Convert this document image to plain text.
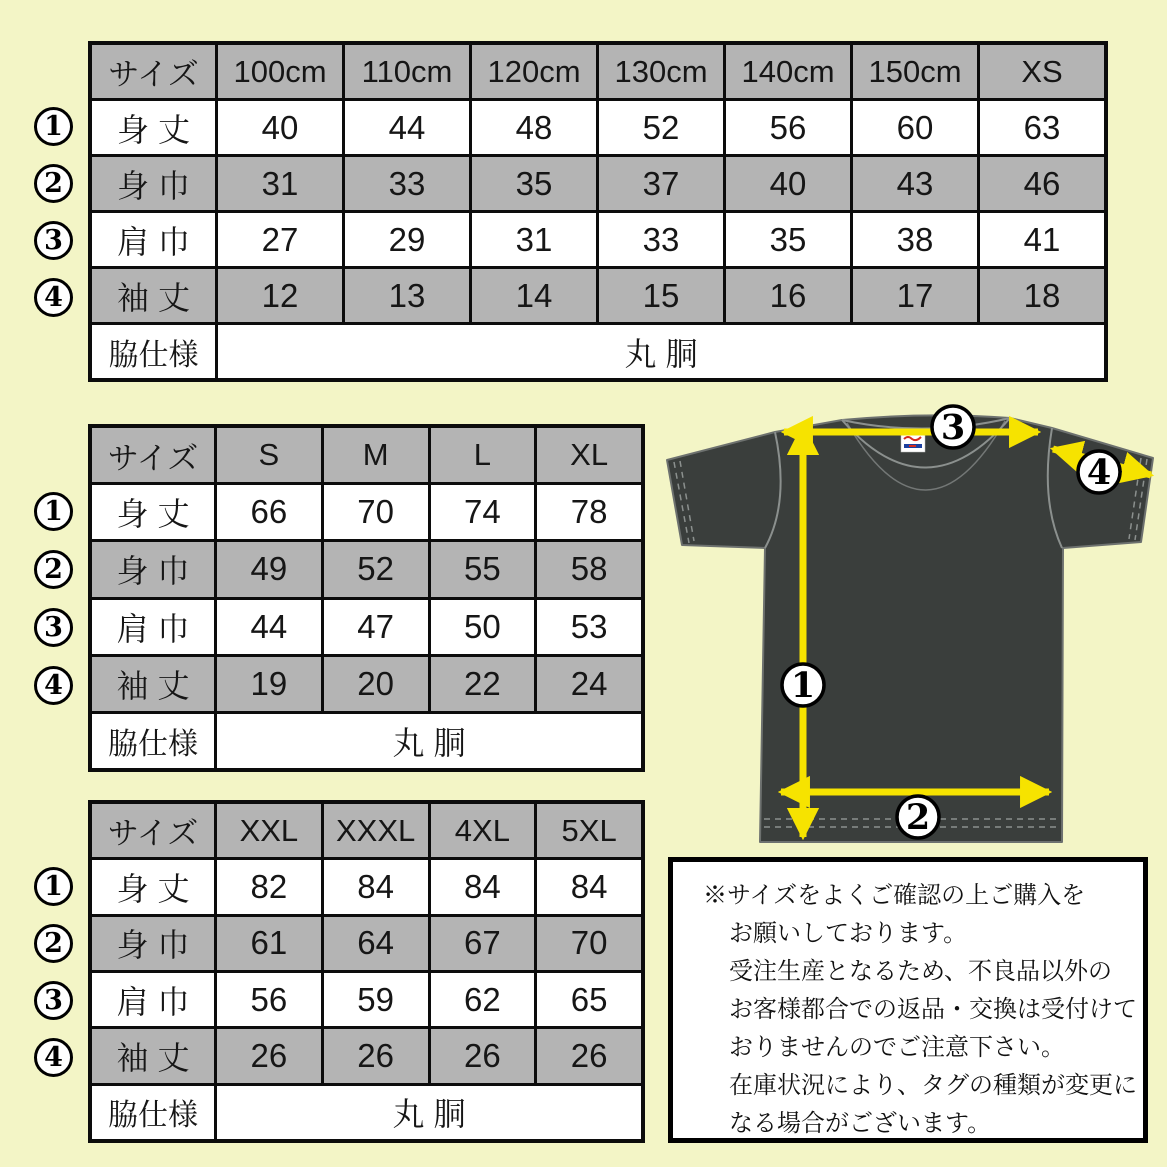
サイズ	100cm	110cm	120cm	130cm	140cm	150cm	XS
身 丈	40	44	48	52	56	60	63
身 巾	31	33	35	37	40	43	46
肩 巾	27	29	31	33	35	38	41
袖 丈	12	13	14	15	16	17	18
脇仕様	丸 胴
サイズ	S	M	L	XL
身 丈	66	70	74	78
身 巾	49	52	55	58
肩 巾	44	47	50	53
袖 丈	19	20	22	24
脇仕様	丸 胴
サイズ	XXL	XXXL	4XL	5XL
身 丈	82	84	84	84
身 巾	61	64	67	70
肩 巾	56	59	62	65
袖 丈	26	26	26	26
脇仕様	丸 胴
3
4
1
2
※サイズをよくご確認の上ご購入を
お願いしております。
受注生産となるため、不良品以外の
お客様都合での返品・交換は受付けて
おりませんのでご注意下さい。
在庫状況により、タグの種類が変更に
なる場合がございます。
1
2
3
4
1
2
3
4
1
2
3
4
